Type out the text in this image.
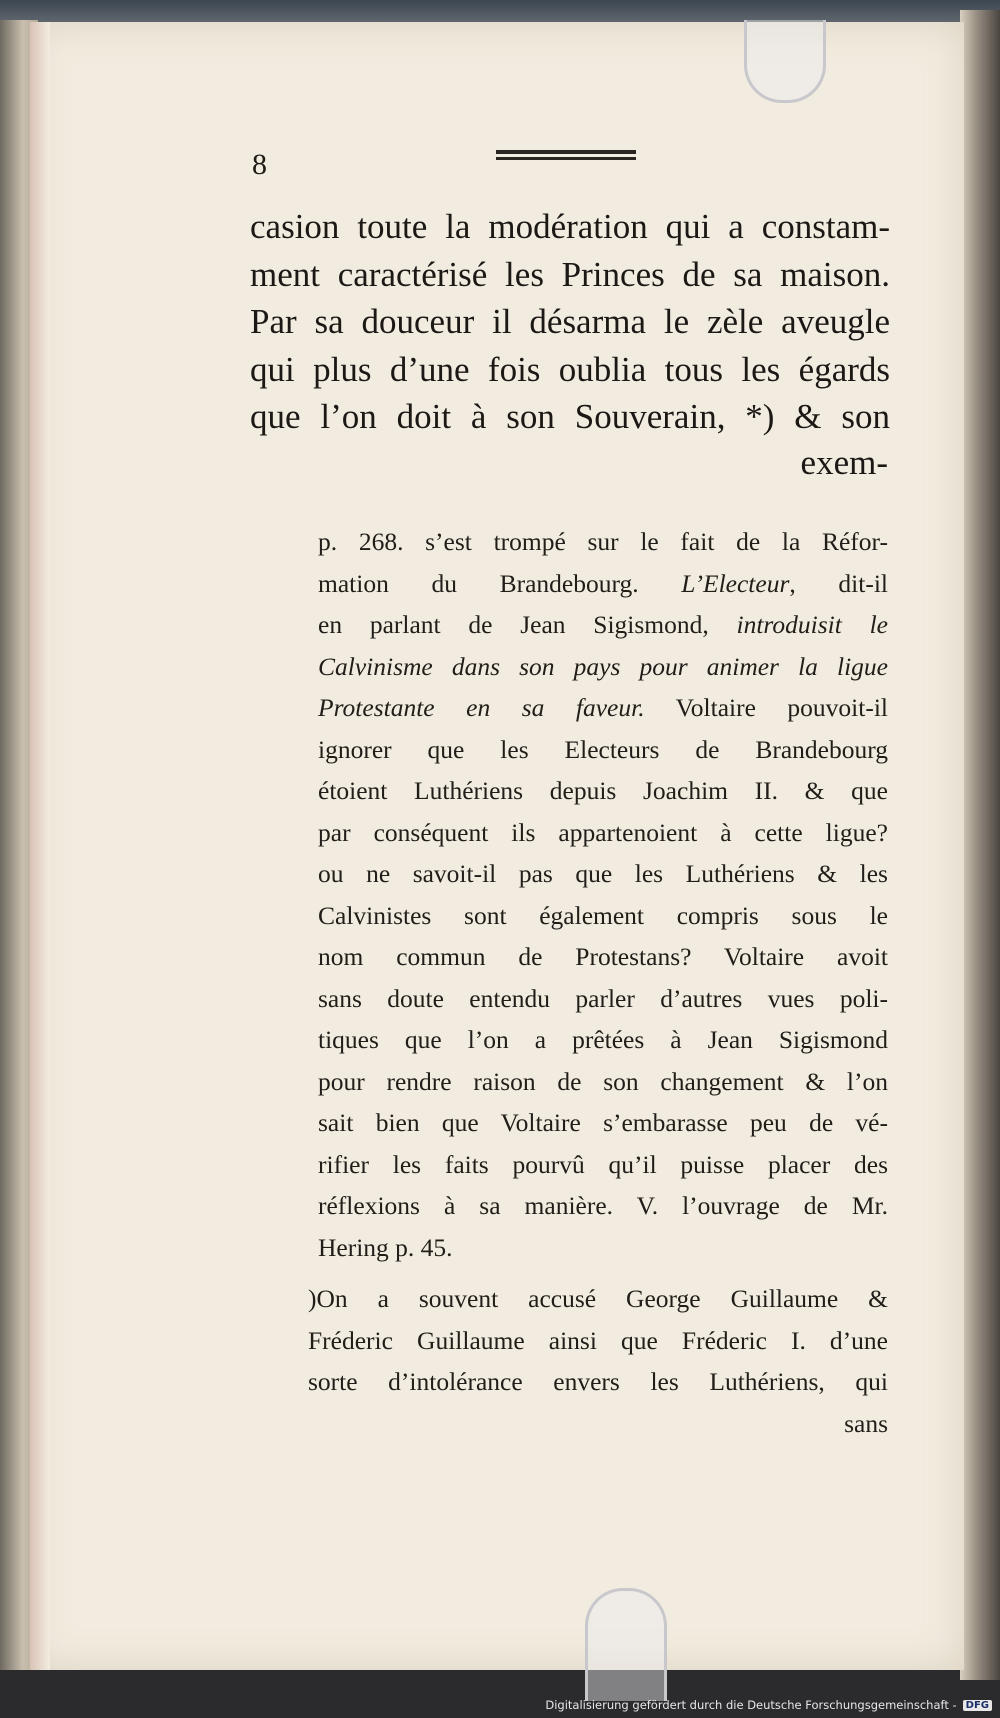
8
casion toute la modération qui a constam-
ment caractérisé les Princes de sa maison.
Par sa douceur il désarma le zèle aveugle
qui plus d’une fois oublia tous les égards
que l’on doit à son Souverain, *) & son
exem-
p. 268. s’est trompé sur le fait de la Réfor-
mation du Brandebourg. L’Electeur, dit-il
en parlant de Jean Sigismond, introduisit le
Calvinisme dans son pays pour animer la ligue
Protestante en sa faveur. Voltaire pouvoit-il
ignorer que les Electeurs de Brandebourg
étoient Luthériens depuis Joachim II. & que
par conséquent ils appartenoient à cette ligue?
ou ne savoit-il pas que les Luthériens & les
Calvinistes sont également compris sous le
nom commun de Protestans? Voltaire avoit
sans doute entendu parler d’autres vues poli-
tiques que l’on a prêtées à Jean Sigismond
pour rendre raison de son changement & l’on
sait bien que Voltaire s’embarasse peu de vé-
rifier les faits pourvû qu’il puisse placer des
réflexions à sa manière. V. l’ouvrage de Mr.
Hering p. 45.
)On a souvent accusé George Guillaume &
Fréderic Guillaume ainsi que Fréderic I. d’une
sorte d’intolérance envers les Luthériens, qui
sans
Digitalisierung gefördert durch die Deutsche Forschungsgemeinschaft - DFG
